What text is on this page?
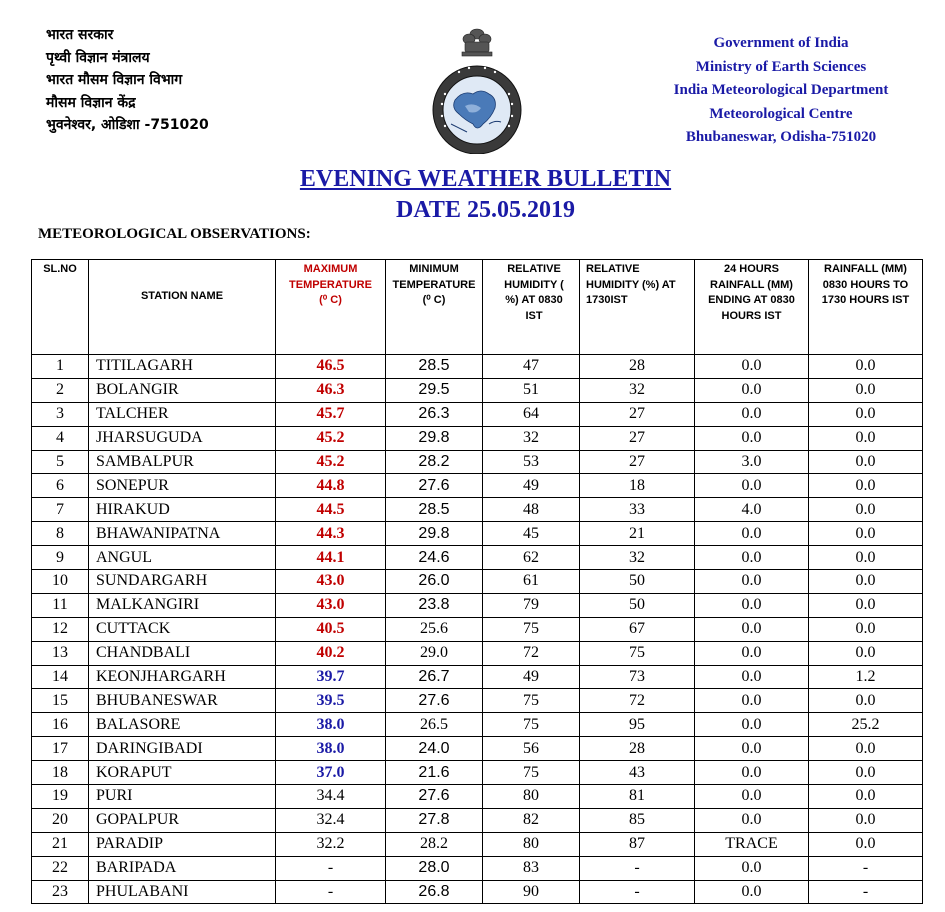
भारत सरकार
पृथ्वी विज्ञान मंत्रालय
भारत मौसम विज्ञान विभाग
मौसम विज्ञान केंद्र
भुवनेश्वर, ओडिशा -751020
Government of India
Ministry of Earth Sciences
India Meteorological Department
Meteorological Centre
Bhubaneswar, Odisha-751020
EVENING WEATHER BULLETIN
DATE 25.05.2019
METEOROLOGICAL OBSERVATIONS:
SL.NO	STATION NAME	MAXIMUM TEMPERATURE (⁰ C)	MINIMUM TEMPERATURE (⁰ C)	RELATIVE HUMIDITY ( %) AT 0830 IST	RELATIVE HUMIDITY (%) AT 1730IST	24 HOURS RAINFALL (MM) ENDING AT 0830 HOURS IST	RAINFALL (MM) 0830 HOURS TO 1730 HOURS IST
1	TITILAGARH	46.5	28.5	47	28	0.0	0.0
2	BOLANGIR	46.3	29.5	51	32	0.0	0.0
3	TALCHER	45.7	26.3	64	27	0.0	0.0
4	JHARSUGUDA	45.2	29.8	32	27	0.0	0.0
5	SAMBALPUR	45.2	28.2	53	27	3.0	0.0
6	SONEPUR	44.8	27.6	49	18	0.0	0.0
7	HIRAKUD	44.5	28.5	48	33	4.0	0.0
8	BHAWANIPATNA	44.3	29.8	45	21	0.0	0.0
9	ANGUL	44.1	24.6	62	32	0.0	0.0
10	SUNDARGARH	43.0	26.0	61	50	0.0	0.0
11	MALKANGIRI	43.0	23.8	79	50	0.0	0.0
12	CUTTACK	40.5	25.6	75	67	0.0	0.0
13	CHANDBALI	40.2	29.0	72	75	0.0	0.0
14	KEONJHARGARH	39.7	26.7	49	73	0.0	1.2
15	BHUBANESWAR	39.5	27.6	75	72	0.0	0.0
16	BALASORE	38.0	26.5	75	95	0.0	25.2
17	DARINGIBADI	38.0	24.0	56	28	0.0	0.0
18	KORAPUT	37.0	21.6	75	43	0.0	0.0
19	PURI	34.4	27.6	80	81	0.0	0.0
20	GOPALPUR	32.4	27.8	82	85	0.0	0.0
21	PARADIP	32.2	28.2	80	87	TRACE	0.0
22	BARIPADA	-	28.0	83	-	0.0	-
23	PHULABANI	-	26.8	90	-	0.0	-
